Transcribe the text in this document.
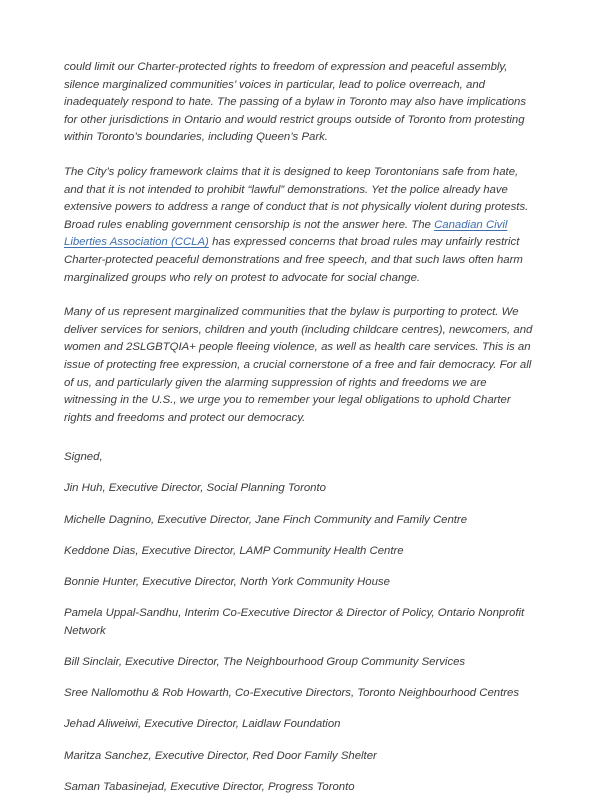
could limit our Charter-protected rights to freedom of expression and peaceful assembly, silence marginalized communities’ voices in particular, lead to police overreach, and inadequately respond to hate. The passing of a bylaw in Toronto may also have implications for other jurisdictions in Ontario and would restrict groups outside of Toronto from protesting within Toronto’s boundaries, including Queen’s Park.

The City’s policy framework claims that it is designed to keep Torontonians safe from hate, and that it is not intended to prohibit “lawful” demonstrations. Yet the police already have extensive powers to address a range of conduct that is not physically violent during protests. Broad rules enabling government censorship is not the answer here. The Canadian Civil Liberties Association (CCLA) has expressed concerns that broad rules may unfairly restrict Charter-protected peaceful demonstrations and free speech, and that such laws often harm marginalized groups who rely on protest to advocate for social change.

Many of us represent marginalized communities that the bylaw is purporting to protect. We deliver services for seniors, children and youth (including childcare centres), newcomers, and women and 2SLGBTQIA+ people fleeing violence, as well as health care services. This is an issue of protecting free expression, a crucial cornerstone of a free and fair democracy. For all of us, and particularly given the alarming suppression of rights and freedoms we are witnessing in the U.S., we urge you to remember your legal obligations to uphold Charter rights and freedoms and protect our democracy.

Signed,

Jin Huh, Executive Director, Social Planning Toronto
Michelle Dagnino, Executive Director, Jane Finch Community and Family Centre
Keddone Dias, Executive Director, LAMP Community Health Centre
Bonnie Hunter, Executive Director, North York Community House
Pamela Uppal-Sandhu, Interim Co-Executive Director & Director of Policy, Ontario Nonprofit Network
Bill Sinclair, Executive Director, The Neighbourhood Group Community Services
Sree Nallomothu & Rob Howarth, Co-Executive Directors, Toronto Neighbourhood Centres
Jehad Aliweiwi, Executive Director, Laidlaw Foundation
Maritza Sanchez, Executive Director, Red Door Family Shelter
Saman Tabasinejad, Executive Director, Progress Toronto
